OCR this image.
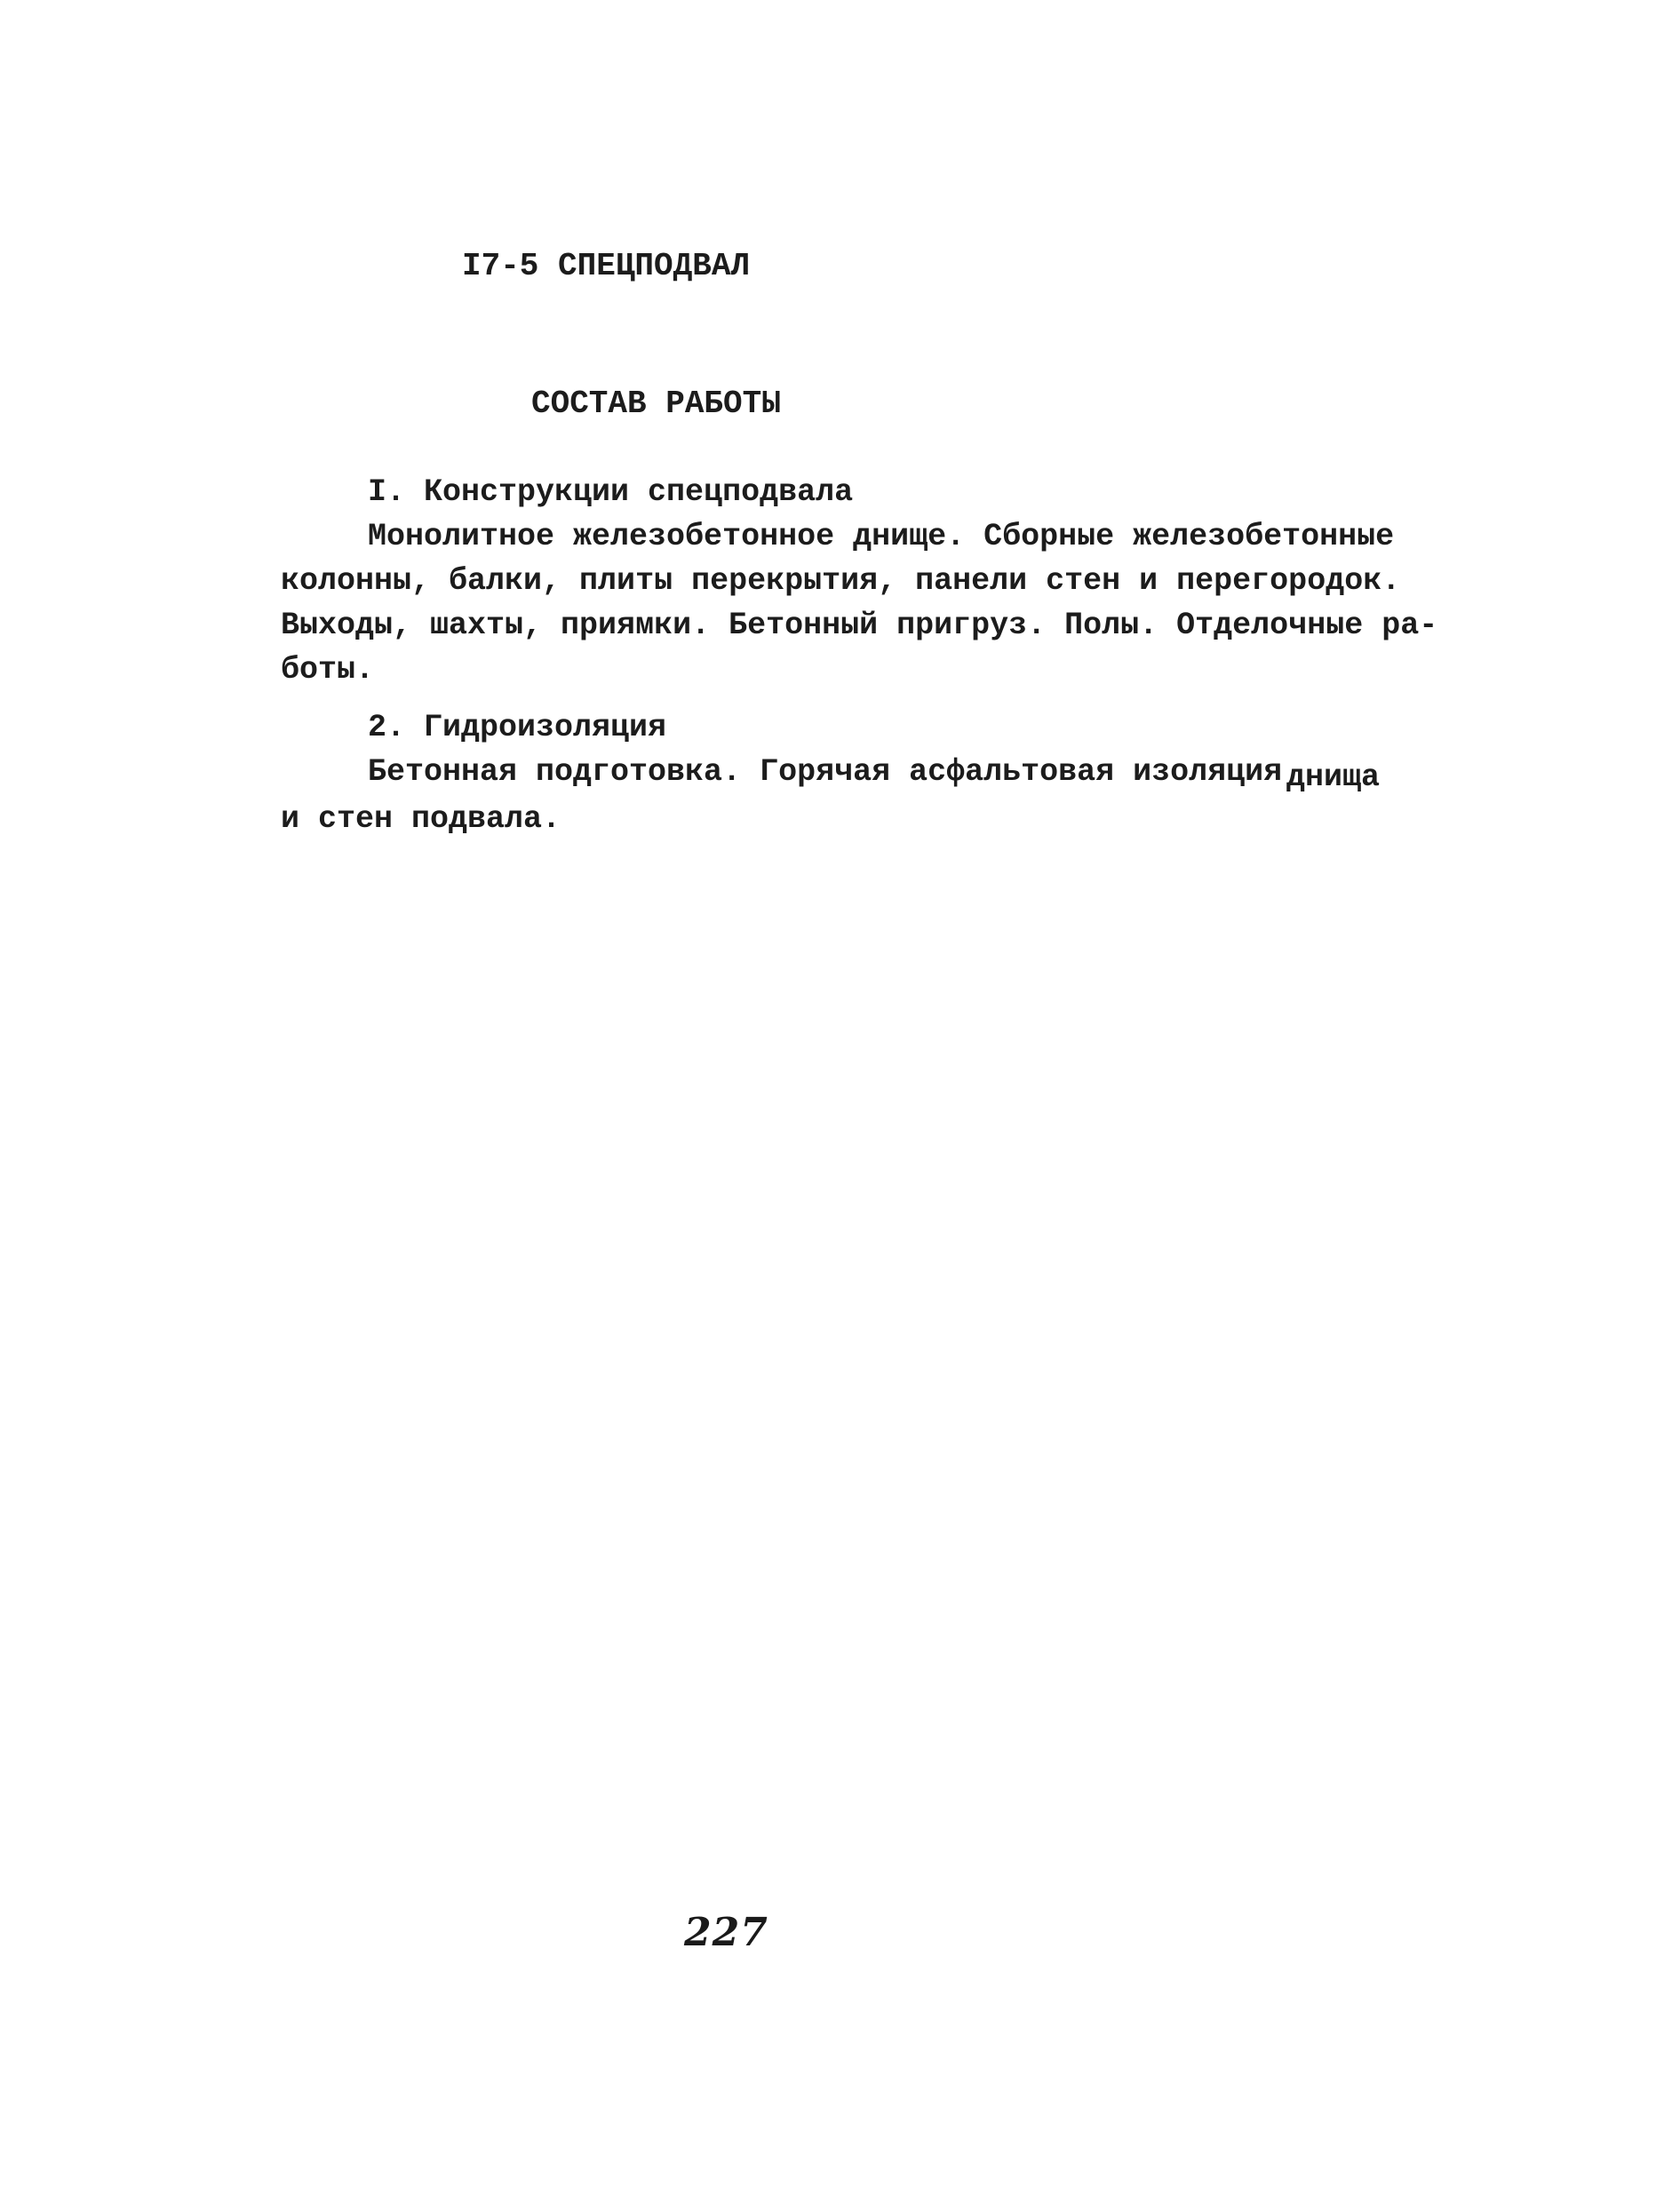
I7-5 СПЕЦПОДВАЛ
СОСТАВ РАБОТЫ
I. Конструкции спецподвала
Монолитное железобетонное днище. Сборные железобетонные
колонны, балки, плиты перекрытия, панели стен и перегородок.
Выходы, шахты, приямки. Бетонный пригруз. Полы. Отделочные ра-
боты.
2. Гидроизоляция
Бетонная подготовка. Горячая асфальтовая изоляция днища
и стен подвала.
227
